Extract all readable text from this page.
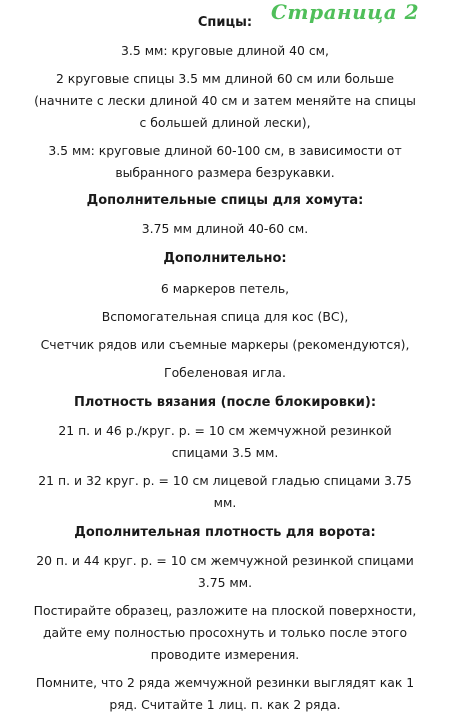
Страница 2

Спицы:

3.5 мм: круговые длиной 40 см,

2 круговые спицы 3.5 мм длиной 60 см или больше

(начните с лески длиной 40 см и затем меняйте на спицы

с большей длиной лески),

3.5 мм: круговые длиной 60-100 см, в зависимости от

выбранного размера безрукавки.

Дополнительные спицы для хомута:

3.75 мм длиной 40-60 см.

Дополнительно:

6 маркеров петель,

Вспомогательная спица для кос (ВС),

Счетчик рядов или съемные маркеры (рекомендуются),

Гобеленовая игла.

Плотность вязания (после блокировки):

21 п. и 46 р./круг. р. = 10 см жемчужной резинкой

спицами 3.5 мм.

21 п. и 32 круг. р. = 10 см лицевой гладью спицами 3.75

мм.

Дополнительная плотность для ворота:

20 п. и 44 круг. р. = 10 см жемчужной резинкой спицами

3.75 мм.

Постирайте образец, разложите на плоской поверхности,

дайте ему полностью просохнуть и только после этого

проводите измерения.

Помните, что 2 ряда жемчужной резинки выглядят как 1

ряд. Считайте 1 лиц. п. как 2 ряда.
